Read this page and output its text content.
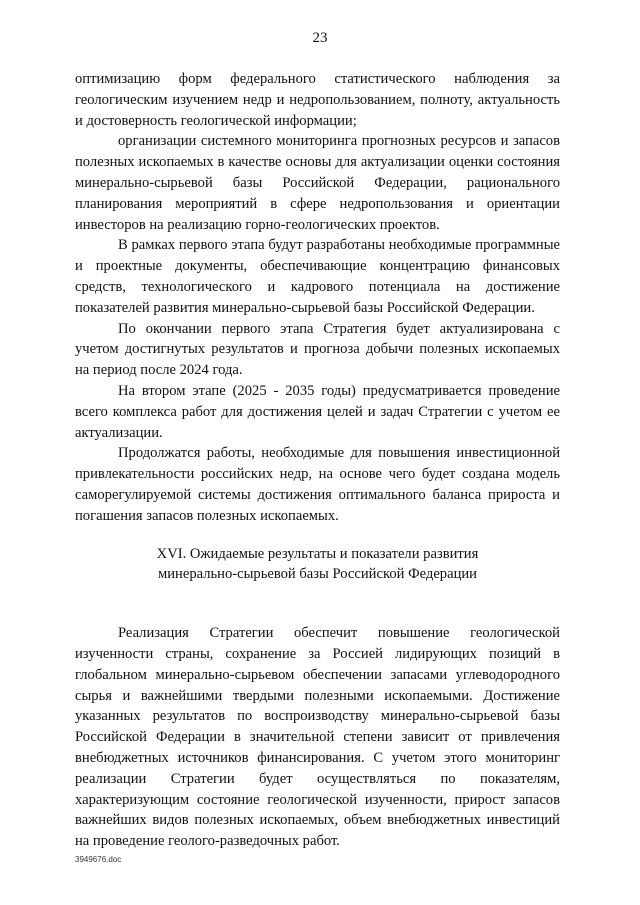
23

оптимизацию форм федерального статистического наблюдения за геологическим изучением недр и недропользованием, полноту, актуальность и достоверность геологической информации;

организации системного мониторинга прогнозных ресурсов и запасов полезных ископаемых в качестве основы для актуализации оценки состояния минерально-сырьевой базы Российской Федерации, рационального планирования мероприятий в сфере недропользования и ориентации инвесторов на реализацию горно-геологических проектов.

В рамках первого этапа будут разработаны необходимые программные и проектные документы, обеспечивающие концентрацию финансовых средств, технологического и кадрового потенциала на достижение показателей развития минерально-сырьевой базы Российской Федерации.

По окончании первого этапа Стратегия будет актуализирована с учетом достигнутых результатов и прогноза добычи полезных ископаемых на период после 2024 года.

На втором этапе (2025 - 2035 годы) предусматривается проведение всего комплекса работ для достижения целей и задач Стратегии с учетом ее актуализации.

Продолжатся работы, необходимые для повышения инвестиционной привлекательности российских недр, на основе чего будет создана модель саморегулируемой системы достижения оптимального баланса прироста и погашения запасов полезных ископаемых.

XVI. Ожидаемые результаты и показатели развития
минерально-сырьевой базы Российской Федерации

Реализация Стратегии обеспечит повышение геологической изученности страны, сохранение за Россией лидирующих позиций в глобальном минерально-сырьевом обеспечении запасами углеводородного сырья и важнейшими твердыми полезными ископаемыми. Достижение указанных результатов по воспроизводству минерально-сырьевой базы Российской Федерации в значительной степени зависит от привлечения внебюджетных источников финансирования. С учетом этого мониторинг реализации Стратегии будет осуществляться по показателям, характеризующим состояние геологической изученности, прирост запасов важнейших видов полезных ископаемых, объем внебюджетных инвестиций на проведение геолого-разведочных работ.

3949676.doc
